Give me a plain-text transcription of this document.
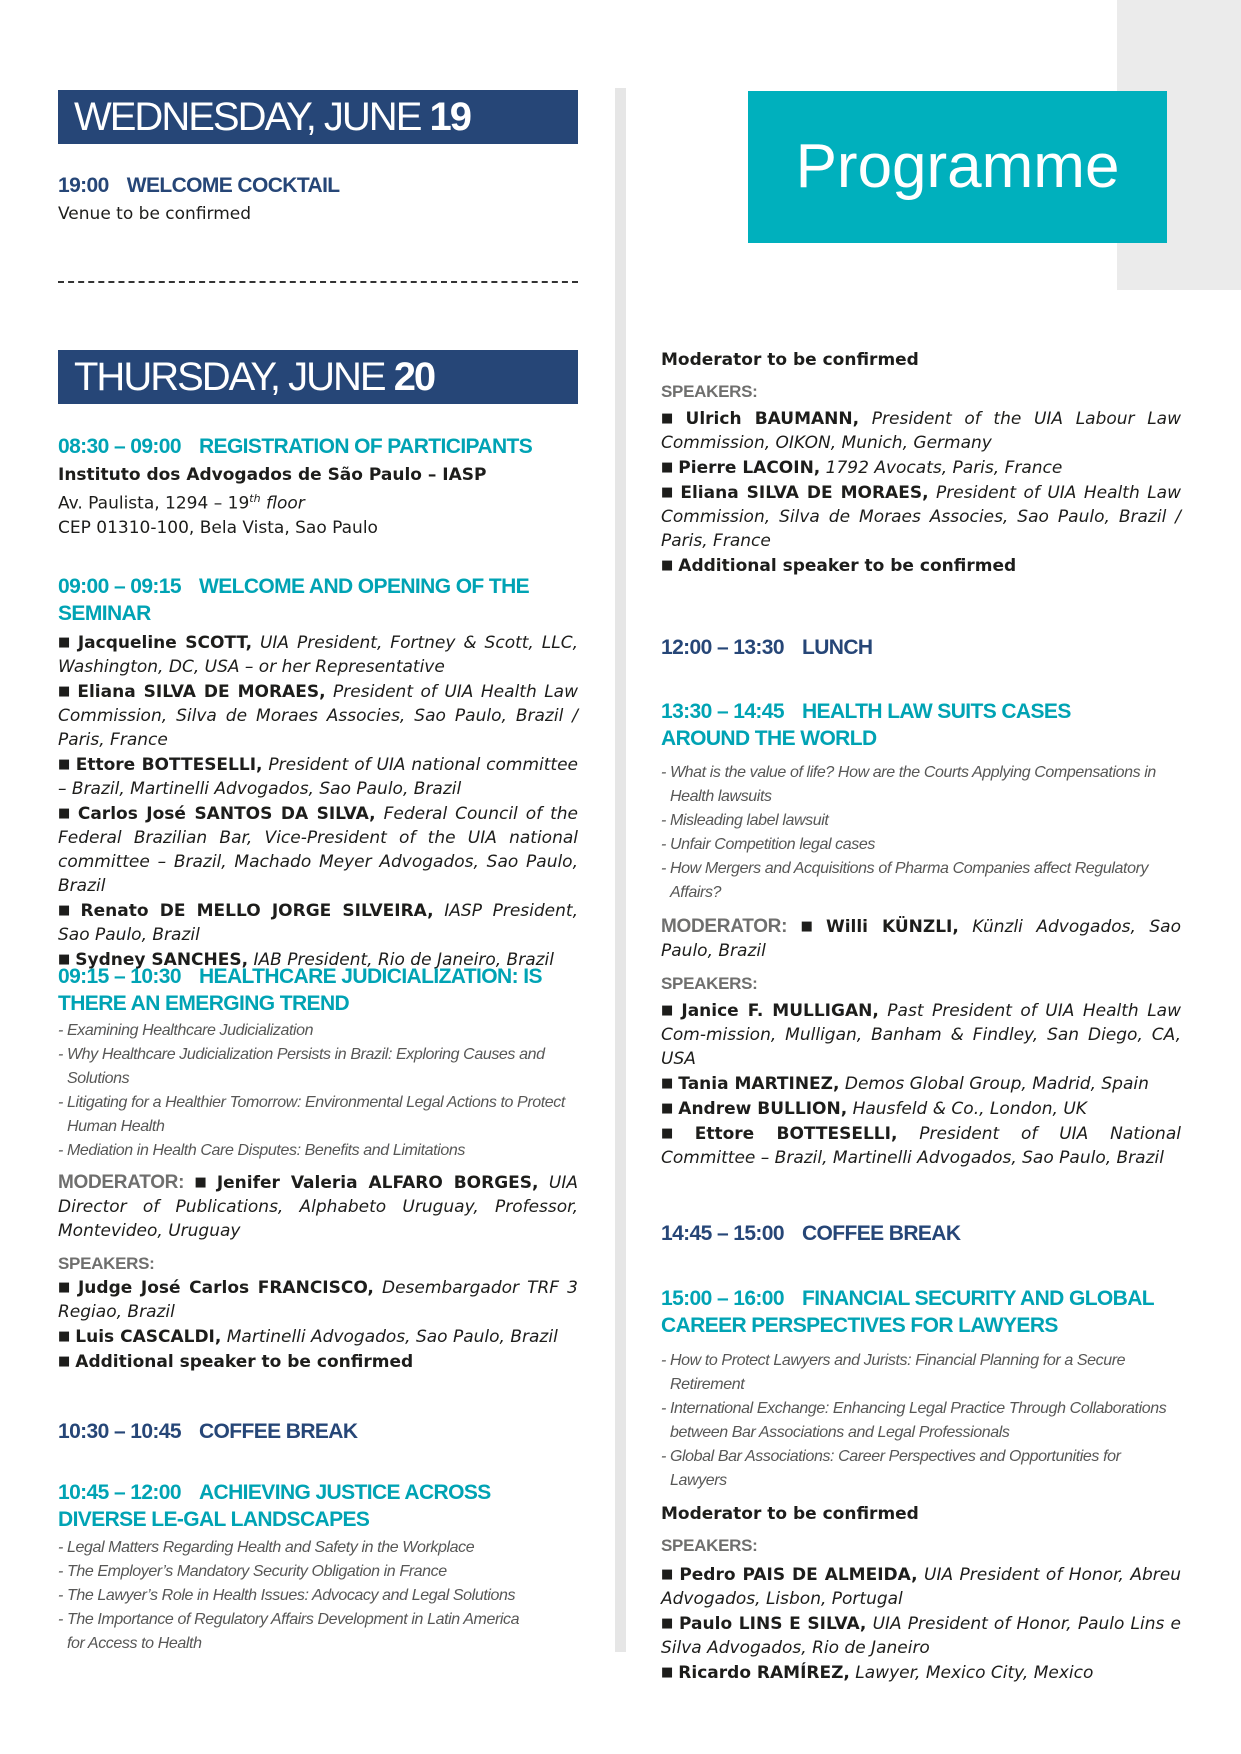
Programme
WEDNESDAY, JUNE 19
19:00 WELCOME COCKTAIL
Venue to be confirmed
THURSDAY, JUNE 20
08:30 – 09:00 REGISTRATION OF PARTICIPANTS
Instituto dos Advogados de São Paulo – IASP
Av. Paulista, 1294 – 19th floor
CEP 01310-100, Bela Vista, Sao Paulo
09:00 – 09:15 WELCOME AND OPENING OF THE SEMINAR

■ Jacqueline SCOTT, UIA President, Fortney & Scott, LLC, Washington, DC, USA – or her Representative

■ Eliana SILVA DE MORAES, President of UIA Health Law Commission, Silva de Moraes Associes, Sao Paulo, Brazil / Paris, France

■ Ettore BOTTESELLI, President of UIA national committee – Brazil, Martinelli Advogados, Sao Paulo, Brazil

■ Carlos José SANTOS DA SILVA, Federal Council of the Federal Brazilian Bar, Vice-President of the UIA national committee – Brazil, Machado Meyer Advogados, Sao Paulo, Brazil

■ Renato DE MELLO JORGE SILVEIRA, IASP President, Sao Paulo, Brazil

■ Sydney SANCHES, IAB President, Rio de Janeiro, Brazil

09:15 – 10:30 HEALTHCARE JUDICIALIZATION: IS THERE AN EMERGING TREND
- Examining Healthcare Judicialization
- Why Healthcare Judicialization Persists in Brazil: Exploring Causes and Solutions
- Litigating for a Healthier Tomorrow: Environmental Legal Actions to Protect Human Health
- Mediation in Health Care Disputes: Benefits and Limitations

MODERATOR: ■ Jenifer Valeria ALFARO BORGES, UIA Director of Publications, Alphabeto Uruguay, Professor, Montevideo, Uruguay

SPEAKERS:

■ Judge José Carlos FRANCISCO, Desembargador TRF 3 Regiao, Brazil

■ Luis CASCALDI, Martinelli Advogados, Sao Paulo, Brazil

■ Additional speaker to be confirmed

10:30 – 10:45 COFFEE BREAK
10:45 – 12:00 ACHIEVING JUSTICE ACROSS DIVERSE LE-GAL LANDSCAPES
- Legal Matters Regarding Health and Safety in the Workplace
- The Employer’s Mandatory Security Obligation in France
- The Lawyer’s Role in Health Issues: Advocacy and Legal Solutions
- The Importance of Regulatory Affairs Development in Latin America for Access to Health
Moderator to be confirmed
SPEAKERS:

■ Ulrich BAUMANN, President of the UIA Labour Law Commission, OIKON, Munich, Germany

■ Pierre LACOIN, 1792 Avocats, Paris, France

■ Eliana SILVA DE MORAES, President of UIA Health Law Commission, Silva de Moraes Associes, Sao Paulo, Brazil / Paris, France

■ Additional speaker to be confirmed

12:00 – 13:30 LUNCH
13:30 – 14:45 HEALTH LAW SUITS CASES AROUND THE WORLD
- What is the value of life? How are the Courts Applying Compensations in Health lawsuits
- Misleading label lawsuit
- Unfair Competition legal cases
- How Mergers and Acquisitions of Pharma Companies affect Regulatory Affairs?

MODERATOR: ■ Willi KÜNZLI, Künzli Advogados, Sao Paulo, Brazil

SPEAKERS:

■ Janice F. MULLIGAN, Past President of UIA Health Law Com-mission, Mulligan, Banham & Findley, San Diego, CA, USA

■ Tania MARTINEZ, Demos Global Group, Madrid, Spain

■ Andrew BULLION, Hausfeld & Co., London, UK

■ Ettore BOTTESELLI, President of UIA National Committee – Brazil, Martinelli Advogados, Sao Paulo, Brazil

14:45 – 15:00 COFFEE BREAK
15:00 – 16:00 FINANCIAL SECURITY AND GLOBAL CAREER PERSPECTIVES FOR LAWYERS
- How to Protect Lawyers and Jurists: Financial Planning for a Secure Retirement
- International Exchange: Enhancing Legal Practice Through Collaborations between Bar Associations and Legal Professionals
- Global Bar Associations: Career Perspectives and Opportunities for Lawyers
Moderator to be confirmed
SPEAKERS:

■ Pedro PAIS DE ALMEIDA, UIA President of Honor, Abreu Advogados, Lisbon, Portugal

■ Paulo LINS E SILVA, UIA President of Honor, Paulo Lins e Silva Advogados, Rio de Janeiro

■ Ricardo RAMÍREZ, Lawyer, Mexico City, Mexico
